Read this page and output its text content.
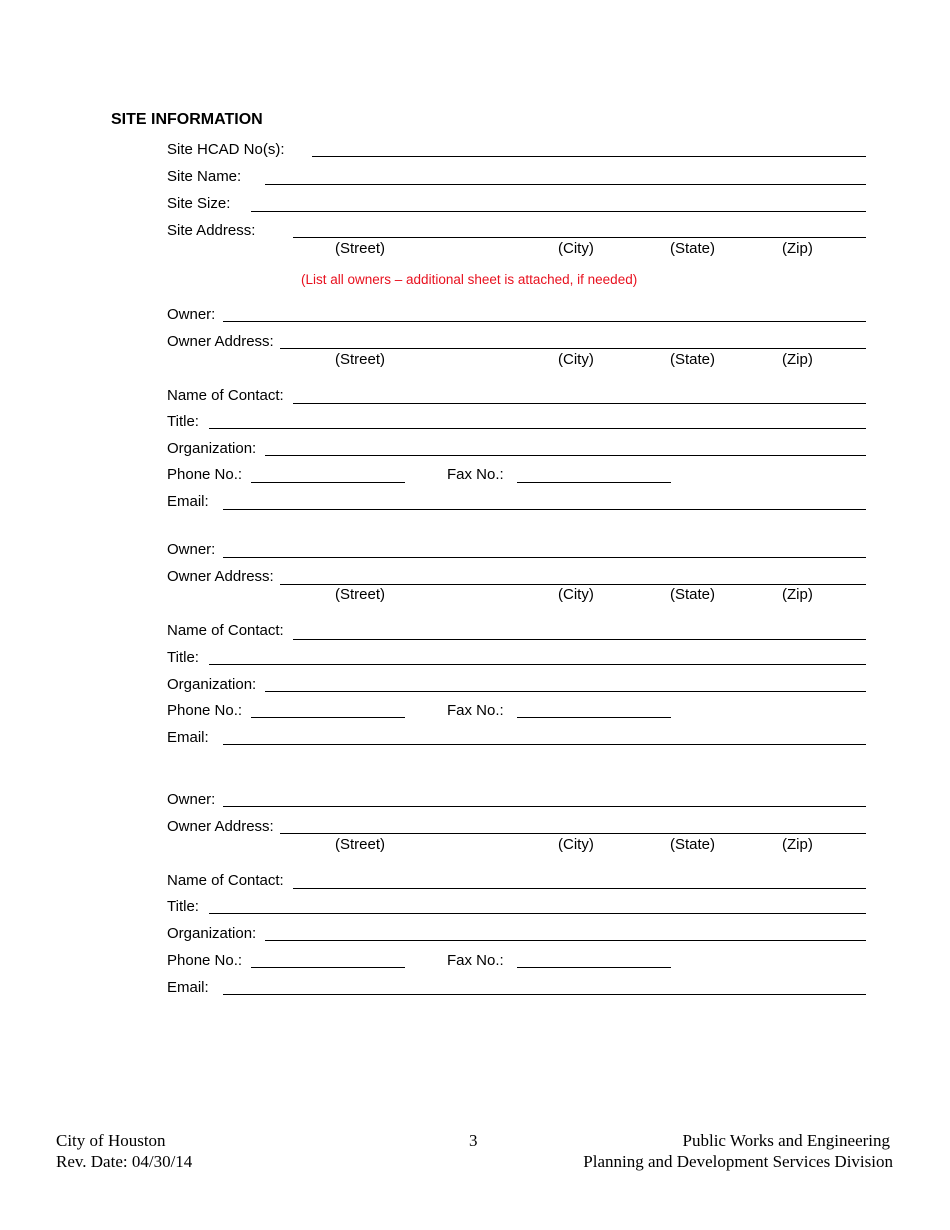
SITE INFORMATION
Site HCAD No(s):
Site Name:
Site Size:
Site Address:
(Street)	(City)	(State)	(Zip)
(List all owners – additional sheet is attached, if needed)
Owner:
Owner Address:
(Street)	(City)	(State)	(Zip)
Name of Contact:
Title:
Organization:
Phone No.:	Fax No.:
Email:
Owner:
Owner Address:
(Street)	(City)	(State)	(Zip)
Name of Contact:
Title:
Organization:
Phone No.:	Fax No.:
Email:
Owner:
Owner Address:
(Street)	(City)	(State)	(Zip)
Name of Contact:
Title:
Organization:
Phone No.:	Fax No.:
Email:
City of Houston
Rev. Date: 04/30/14
3	Public Works and Engineering
Planning and Development Services Division
